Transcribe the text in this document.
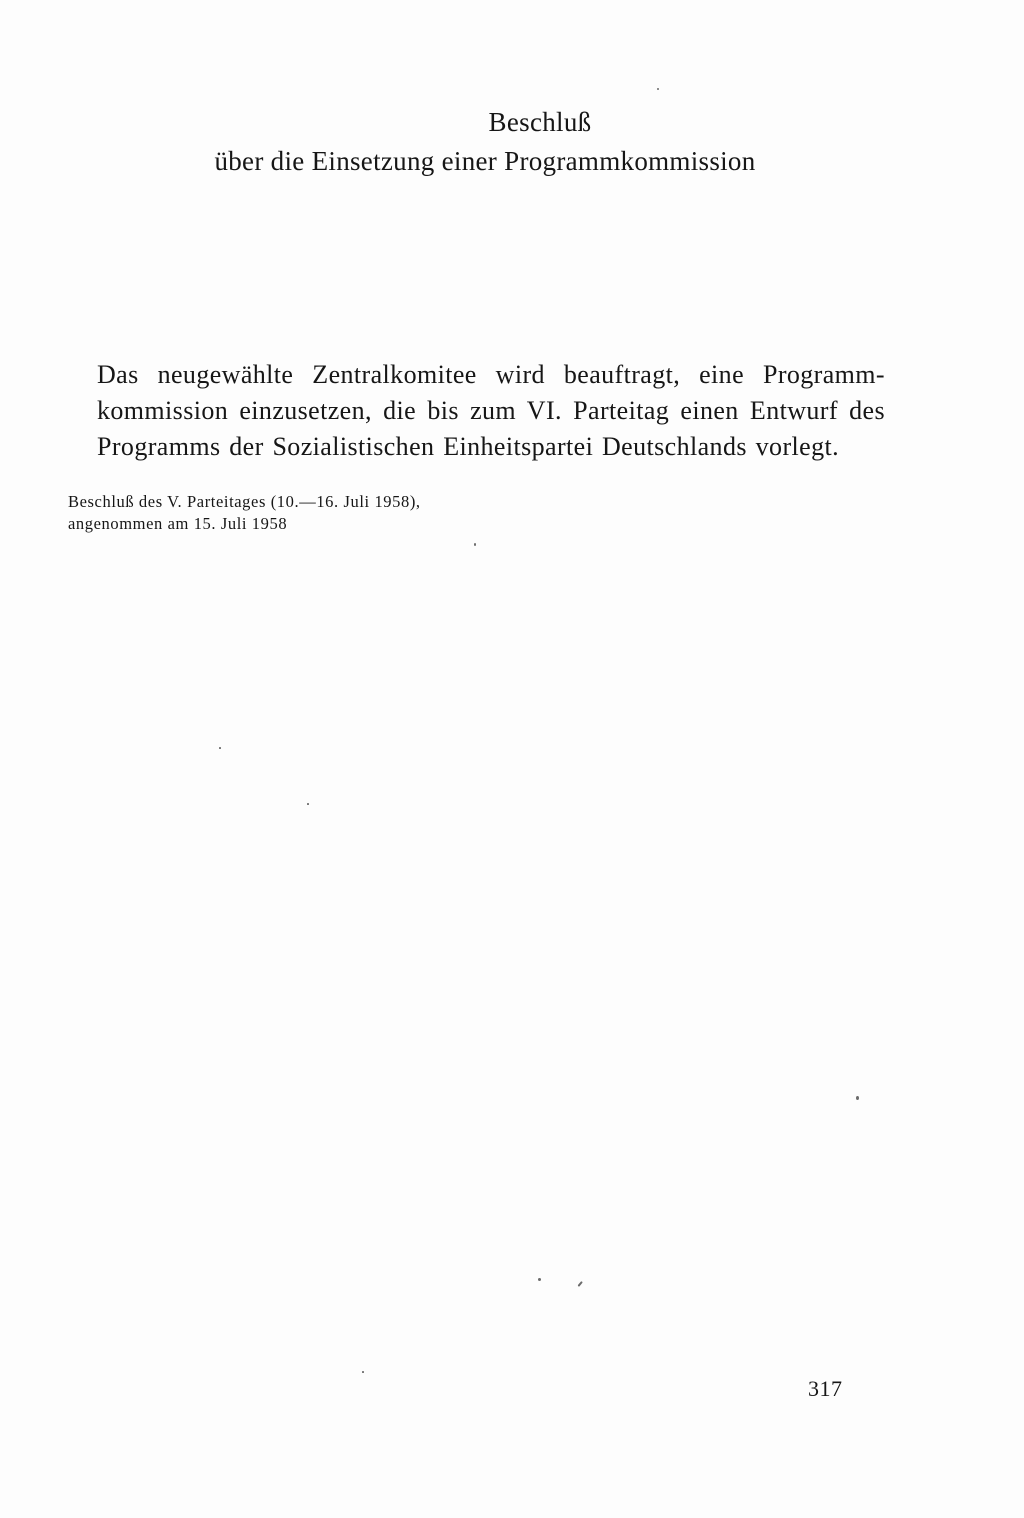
Beschluß
über die Einsetzung einer Programmkommission
Das neugewählte Zentralkomitee wird beauftragt, eine Programm-
kommission einzusetzen, die bis zum VI. Parteitag einen Entwurf des
Programms der Sozialistischen Einheitspartei Deutschlands vorlegt.
Beschluß des V. Parteitages (10.—16. Juli 1958),
angenommen am 15. Juli 1958
317
